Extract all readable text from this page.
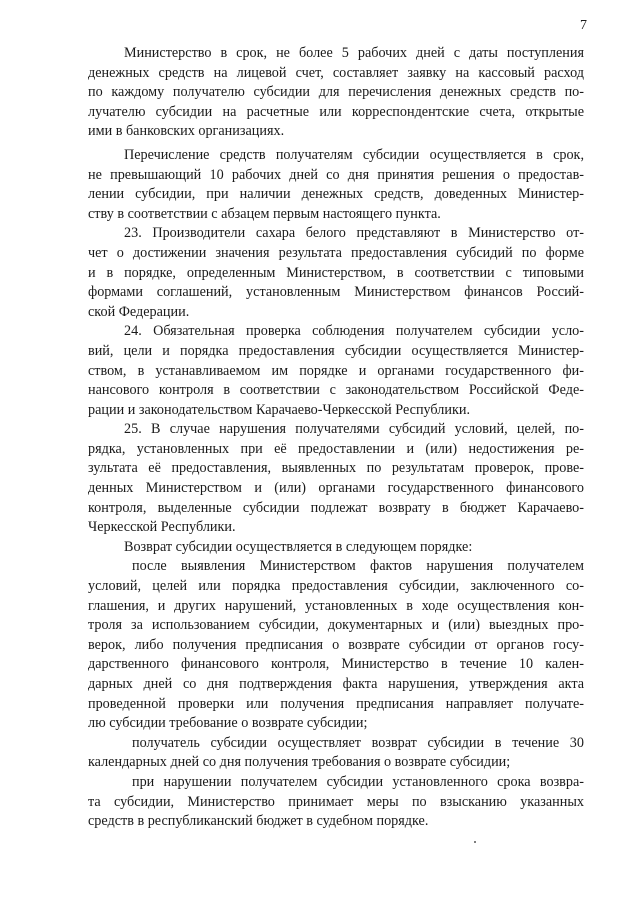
7
Министерство в срок, не более 5 рабочих дней с даты поступления
денежных средств на лицевой счет, составляет заявку на кассовый расход
по каждому получателю субсидии для перечисления денежных средств по-
лучателю субсидии на расчетные или корреспондентские счета, открытые
ими в банковских организациях.
Перечисление средств получателям субсидии осуществляется в срок,
не превышающий 10 рабочих дней со дня принятия решения о предостав-
лении субсидии, при наличии денежных средств, доведенных Министер-
ству в соответствии с абзацем первым настоящего пункта.
23. Производители сахара белого представляют в Министерство от-
чет о достижении значения результата предоставления субсидий по форме
и в порядке, определенным Министерством, в соответствии с типовыми
формами соглашений, установленным Министерством финансов Россий-
ской Федерации.
24. Обязательная проверка соблюдения получателем субсидии усло-
вий, цели и порядка предоставления субсидии осуществляется Министер-
ством, в устанавливаемом им порядке и органами государственного фи-
нансового контроля в соответствии с законодательством Российской Феде-
рации и законодательством Карачаево-Черкесской Республики.
25. В случае нарушения получателями субсидий условий, целей, по-
рядка, установленных при её предоставлении и (или) недостижения ре-
зультата её предоставления, выявленных по результатам проверок, прове-
денных Министерством и (или) органами государственного финансового
контроля, выделенные субсидии подлежат возврату в бюджет Карачаево-
Черкесской Республики.
Возврат субсидии осуществляется в следующем порядке:
после выявления Министерством фактов нарушения получателем
условий, целей или порядка предоставления субсидии, заключенного со-
глашения, и других нарушений, установленных в ходе осуществления кон-
троля за использованием субсидии, документарных и (или) выездных про-
верок, либо получения предписания о возврате субсидии от органов госу-
дарственного финансового контроля, Министерство в течение 10 кален-
дарных дней со дня подтверждения факта нарушения, утверждения акта
проведенной проверки или получения предписания направляет получате-
лю субсидии требование о возврате субсидии;
получатель субсидии осуществляет возврат субсидии в течение 30
календарных дней со дня получения требования о возврате субсидии;
при нарушении получателем субсидии установленного срока возвра-
та субсидии, Министерство принимает меры по взысканию указанных
средств в республиканский бюджет в судебном порядке.
